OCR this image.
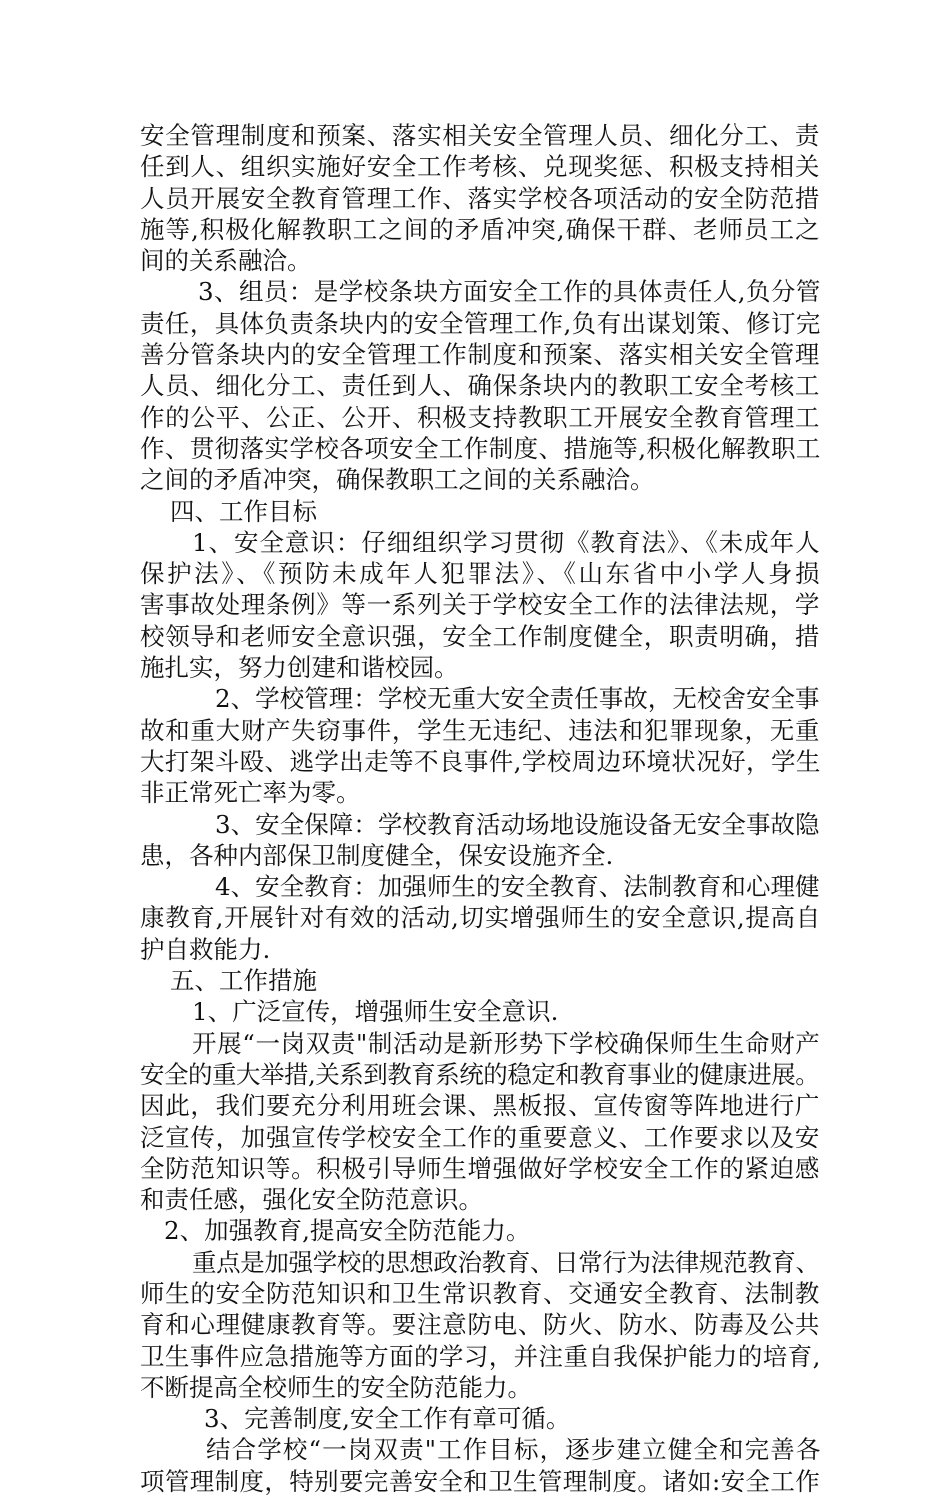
安全管理制度和预案、落实相关安全管理人员、细化分工、责
任到人、组织实施好安全工作考核、兑现奖惩、积极支持相关
人员开展安全教育管理工作、落实学校各项活动的安全防范措
施等,积极化解教职工之间的矛盾冲突,确保干群、老师员工之
间的关系融洽。
3、组员：是学校条块方面安全工作的具体责任人,负分管
责任，具体负责条块内的安全管理工作,负有出谋划策、修订完
善分管条块内的安全管理工作制度和预案、落实相关安全管理
人员、细化分工、责任到人、确保条块内的教职工安全考核工
作的公平、公正、公开、积极支持教职工开展安全教育管理工
作、贯彻落实学校各项安全工作制度、措施等,积极化解教职工
之间的矛盾冲突，确保教职工之间的关系融洽。
四、工作目标
1、安全意识：仔细组织学习贯彻《教育法》、《未成年人
保护法》、《预防未成年人犯罪法》、《山东省中小学人身损
害事故处理条例》等一系列关于学校安全工作的法律法规，学
校领导和老师安全意识强，安全工作制度健全，职责明确，措
施扎实，努力创建和谐校园。
2、学校管理：学校无重大安全责任事故，无校舍安全事
故和重大财产失窃事件，学生无违纪、违法和犯罪现象，无重
大打架斗殴、逃学出走等不良事件,学校周边环境状况好，学生
非正常死亡率为零。
3、安全保障：学校教育活动场地设施设备无安全事故隐
患，各种内部保卫制度健全，保安设施齐全.
4、安全教育：加强师生的安全教育、法制教育和心理健
康教育,开展针对有效的活动,切实增强师生的安全意识,提高自
护自救能力.
五、工作措施
1、广泛宣传，增强师生安全意识.
开展“一岗双责"制活动是新形势下学校确保师生生命财产
安全的重大举措,关系到教育系统的稳定和教育事业的健康进展。
因此，我们要充分利用班会课、黑板报、宣传窗等阵地进行广
泛宣传，加强宣传学校安全工作的重要意义、工作要求以及安
全防范知识等。积极引导师生增强做好学校安全工作的紧迫感
和责任感，强化安全防范意识。
2、加强教育,提高安全防范能力。
重点是加强学校的思想政治教育、日常行为法律规范教育、
师生的安全防范知识和卫生常识教育、交通安全教育、法制教
育和心理健康教育等。要注意防电、防火、防水、防毒及公共
卫生事件应急措施等方面的学习，并注重自我保护能力的培育,
不断提高全校师生的安全防范能力。
3、完善制度,安全工作有章可循。
结合学校“一岗双责"工作目标，逐步建立健全和完善各
项管理制度，特别要完善安全和卫生管理制度。诸如:安全工作
